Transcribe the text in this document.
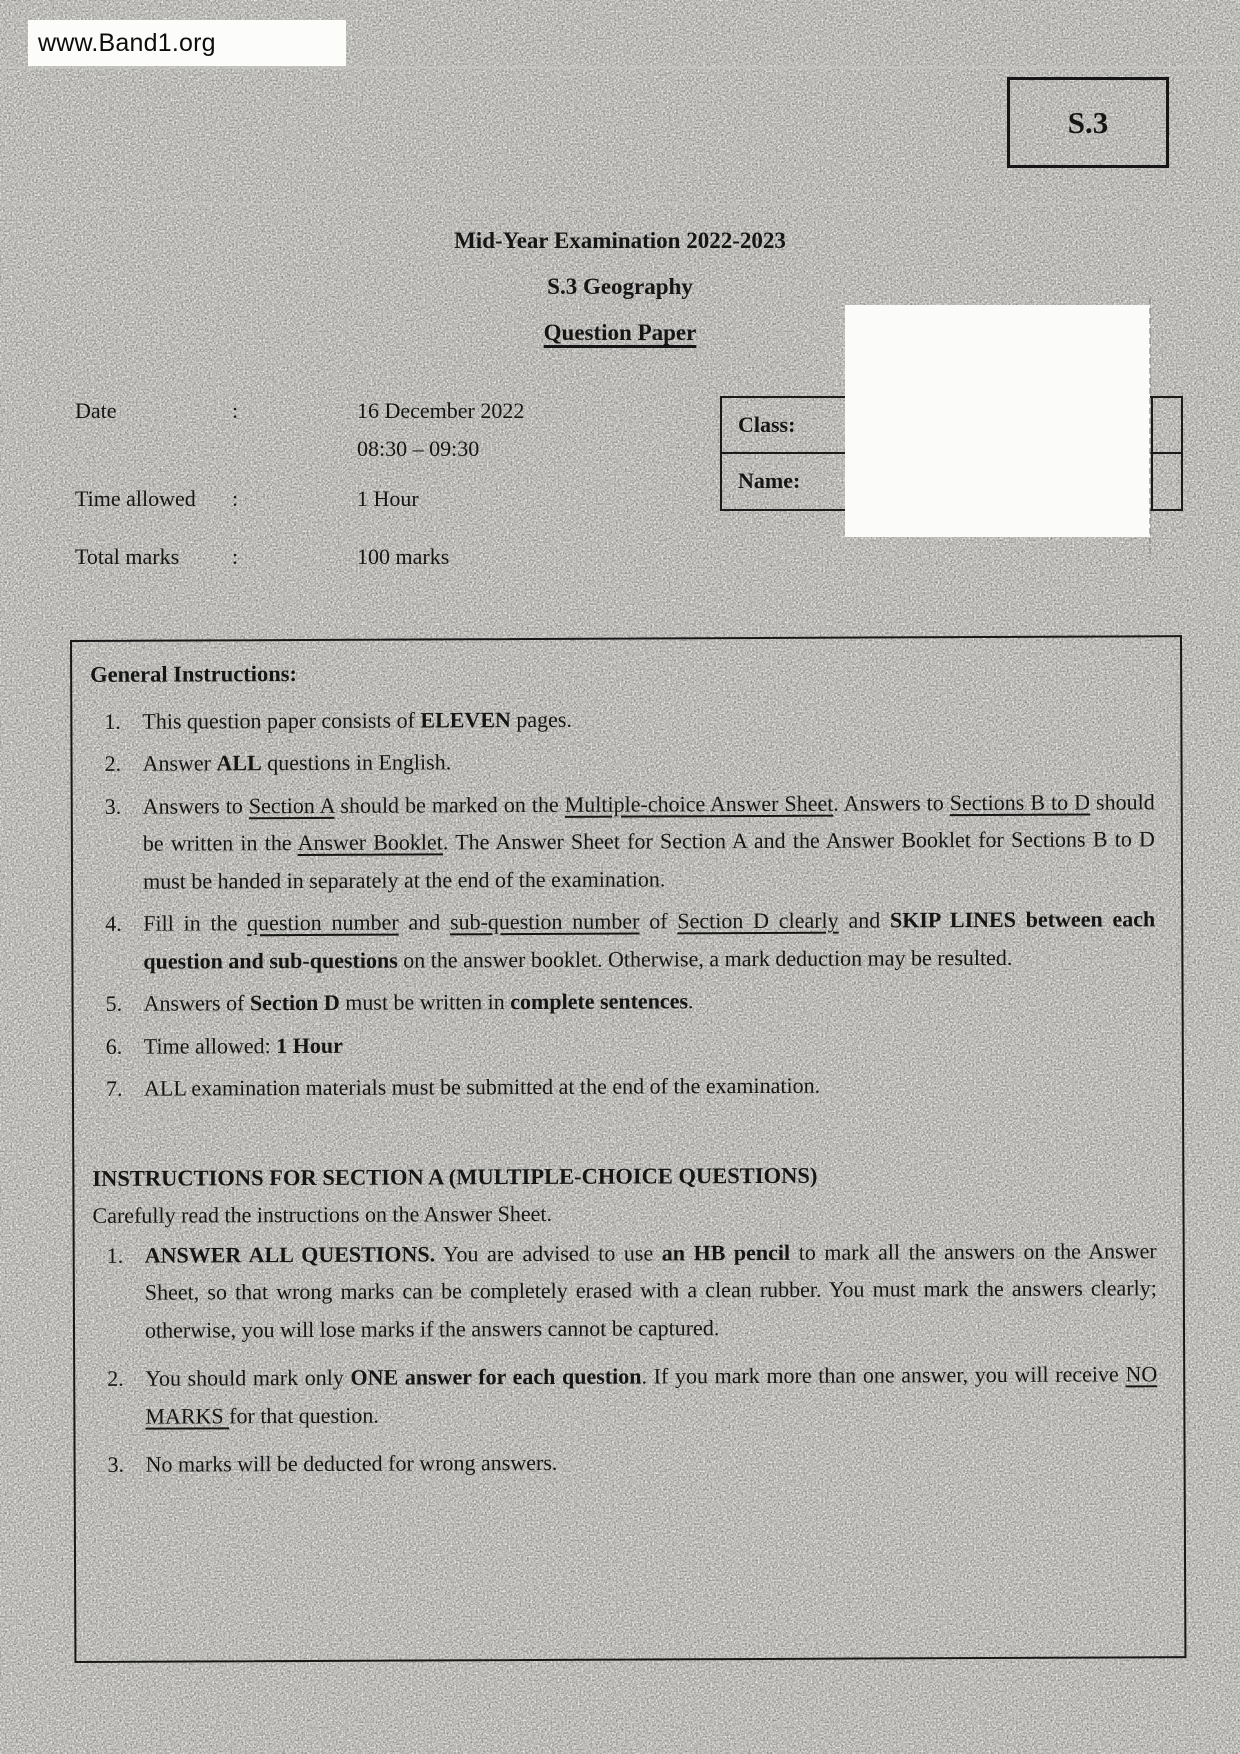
www.Band1.org
S.3
Mid-Year Examination 2022-2023
S.3 Geography
Question Paper
Date	:	16 December 2022
08:30 – 09:30
Time allowed :	1 Hour
Total marks :	100 marks
Class:
Name:
General Instructions:
1. This question paper consists of ELEVEN pages.
2. Answer ALL questions in English.
3. Answers to Section A should be marked on the Multiple-choice Answer Sheet. Answers to Sections B to D should be written in the Answer Booklet. The Answer Sheet for Section A and the Answer Booklet for Sections B to D must be handed in separately at the end of the examination.
4. Fill in the question number and sub-question number of Section D clearly and SKIP LINES between each question and sub-questions on the answer booklet. Otherwise, a mark deduction may be resulted.
5. Answers of Section D must be written in complete sentences.
6. Time allowed: 1 Hour
7. ALL examination materials must be submitted at the end of the examination.
INSTRUCTIONS FOR SECTION A (MULTIPLE-CHOICE QUESTIONS)
Carefully read the instructions on the Answer Sheet.
1. ANSWER ALL QUESTIONS. You are advised to use an HB pencil to mark all the answers on the Answer Sheet, so that wrong marks can be completely erased with a clean rubber. You must mark the answers clearly; otherwise, you will lose marks if the answers cannot be captured.
2. You should mark only ONE answer for each question. If you mark more than one answer, you will receive NO MARKS for that question.
3. No marks will be deducted for wrong answers.
